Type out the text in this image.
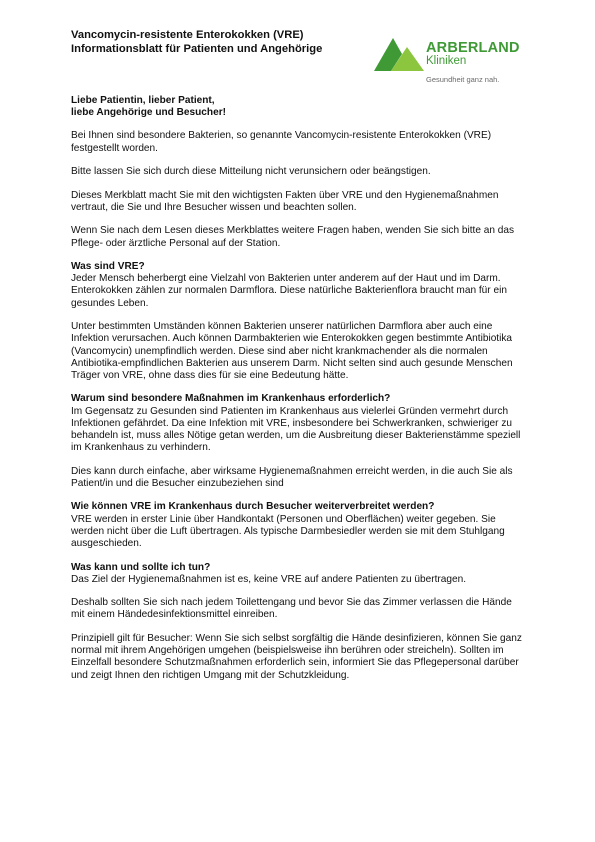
Vancomycin-resistente Enterokokken (VRE)
Informationsblatt für Patienten und Angehörige	ARBERLAND
Kliniken
Gesundheit ganz nah.
Liebe Patientin, lieber Patient,
liebe Angehörige und Besucher!

Bei Ihnen sind besondere Bakterien, so genannte Vancomycin-resistente Enterokokken (VRE) festgestellt worden.

Bitte lassen Sie sich durch diese Mitteilung nicht verunsichern oder beängstigen.

Dieses Merkblatt macht Sie mit den wichtigsten Fakten über VRE und den Hygienemaßnahmen vertraut, die Sie und Ihre Besucher wissen und beachten sollen.

Wenn Sie nach dem Lesen dieses Merkblattes weitere Fragen haben, wenden Sie sich bitte an das Pflege- oder ärztliche Personal auf der Station.

Was sind VRE?

Jeder Mensch beherbergt eine Vielzahl von Bakterien unter anderem auf der Haut und im Darm. Enterokokken zählen zur normalen Darmflora. Diese natürliche Bakterienflora braucht man für ein gesundes Leben.

Unter bestimmten Umständen können Bakterien unserer natürlichen Darmflora aber auch eine Infektion verursachen. Auch können Darmbakterien wie Enterokokken gegen bestimmte Antibiotika (Vancomycin) unempfindlich werden. Diese sind aber nicht krankmachender als die normalen Antibiotika-empfindlichen Bakterien aus unserem Darm. Nicht selten sind auch gesunde Menschen Träger von VRE, ohne dass dies für sie eine Bedeutung hätte.

Warum sind besondere Maßnahmen im Krankenhaus erforderlich?

Im Gegensatz zu Gesunden sind Patienten im Krankenhaus aus vielerlei Gründen vermehrt durch Infektionen gefährdet. Da eine Infektion mit VRE, insbesondere bei Schwerkranken, schwieriger zu behandeln ist, muss alles Nötige getan werden, um die Ausbreitung dieser Bakterienstämme speziell im Krankenhaus zu verhindern.

Dies kann durch einfache, aber wirksame Hygienemaßnahmen erreicht werden, in die auch Sie als Patient/in und die Besucher einzubeziehen sind

Wie können VRE im Krankenhaus durch Besucher weiterverbreitet werden?

VRE werden in erster Linie über Handkontakt (Personen und Oberflächen) weiter gegeben. Sie werden nicht über die Luft übertragen. Als typische Darmbesiedler werden sie mit dem Stuhlgang ausgeschieden.

Was kann und sollte ich tun?

Das Ziel der Hygienemaßnahmen ist es, keine VRE auf andere Patienten zu übertragen.

Deshalb sollten Sie sich nach jedem Toilettengang und bevor Sie das Zimmer verlassen die Hände mit einem Händedesinfektionsmittel einreiben.

Prinzipiell gilt für Besucher: Wenn Sie sich selbst sorgfältig die Hände desinfizieren, können Sie ganz normal mit ihrem Angehörigen umgehen (beispielsweise ihn berühren oder streicheln). Sollten im Einzelfall besondere Schutzmaßnahmen erforderlich sein, informiert Sie das Pflegepersonal darüber und zeigt Ihnen den richtigen Umgang mit der Schutzkleidung.
